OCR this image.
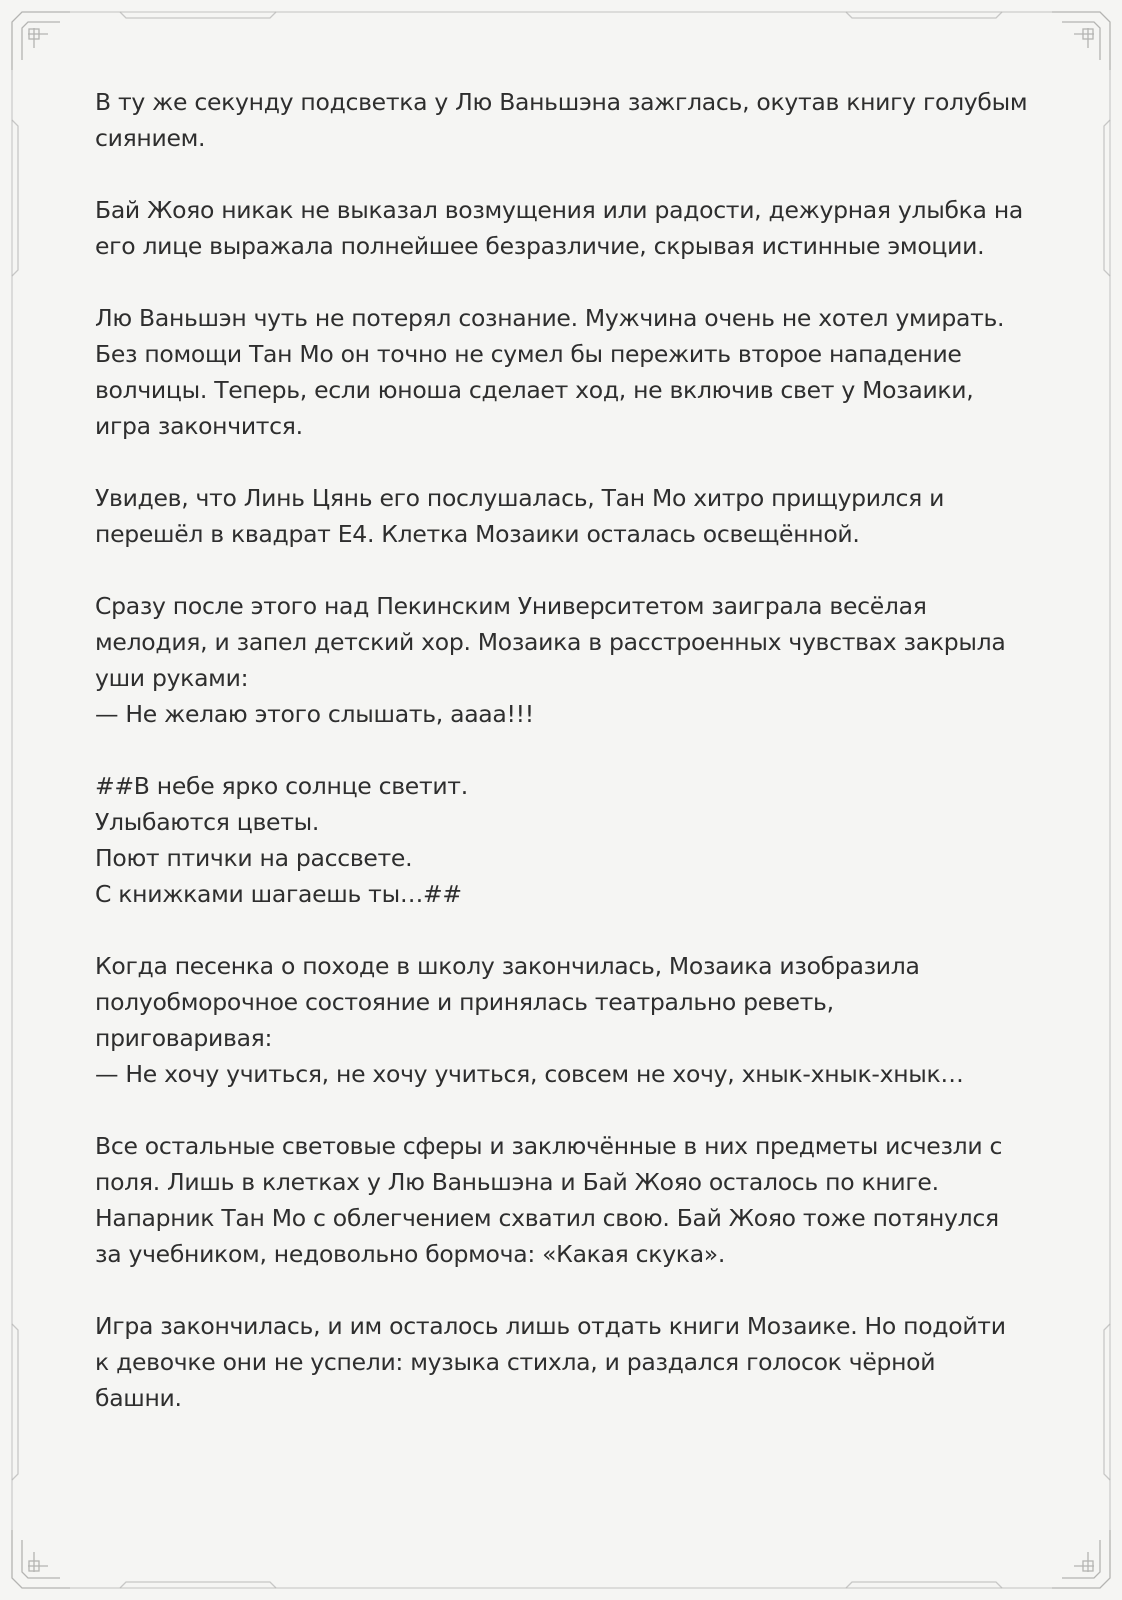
В ту же секунду подсветка у Лю Ваньшэна зажглась, окутав книгу голубым
сиянием.

Бай Жояо никак не выказал возмущения или радости, дежурная улыбка на
его лице выражала полнейшее безразличие, скрывая истинные эмоции.

Лю Ваньшэн чуть не потерял сознание. Мужчина очень не хотел умирать.
Без помощи Тан Мо он точно не сумел бы пережить второе нападение
волчицы. Теперь, если юноша сделает ход, не включив свет у Мозаики,
игра закончится.

Увидев, что Линь Цянь его послушалась, Тан Мо хитро прищурился и
перешёл в квадрат E4. Клетка Мозаики осталась освещённой.

Сразу после этого над Пекинским Университетом заиграла весёлая
мелодия, и запел детский хор. Мозаика в расстроенных чувствах закрыла
уши руками:
— Не желаю этого слышать, аааа!!!

##В небе ярко солнце светит.
Улыбаются цветы.
Поют птички на рассвете.
С книжками шагаешь ты…##

Когда песенка о походе в школу закончилась, Мозаика изобразила
полуобморочное состояние и принялась театрально реветь,
приговаривая:
— Не хочу учиться, не хочу учиться, совсем не хочу, хнык-хнык-хнык…

Все остальные световые сферы и заключённые в них предметы исчезли с
поля. Лишь в клетках у Лю Ваньшэна и Бай Жояо осталось по книге.
Напарник Тан Мо с облегчением схватил свою. Бай Жояо тоже потянулся
за учебником, недовольно бормоча: «Какая скука».

Игра закончилась, и им осталось лишь отдать книги Мозаике. Но подойти
к девочке они не успели: музыка стихла, и раздался голосок чёрной
башни.
